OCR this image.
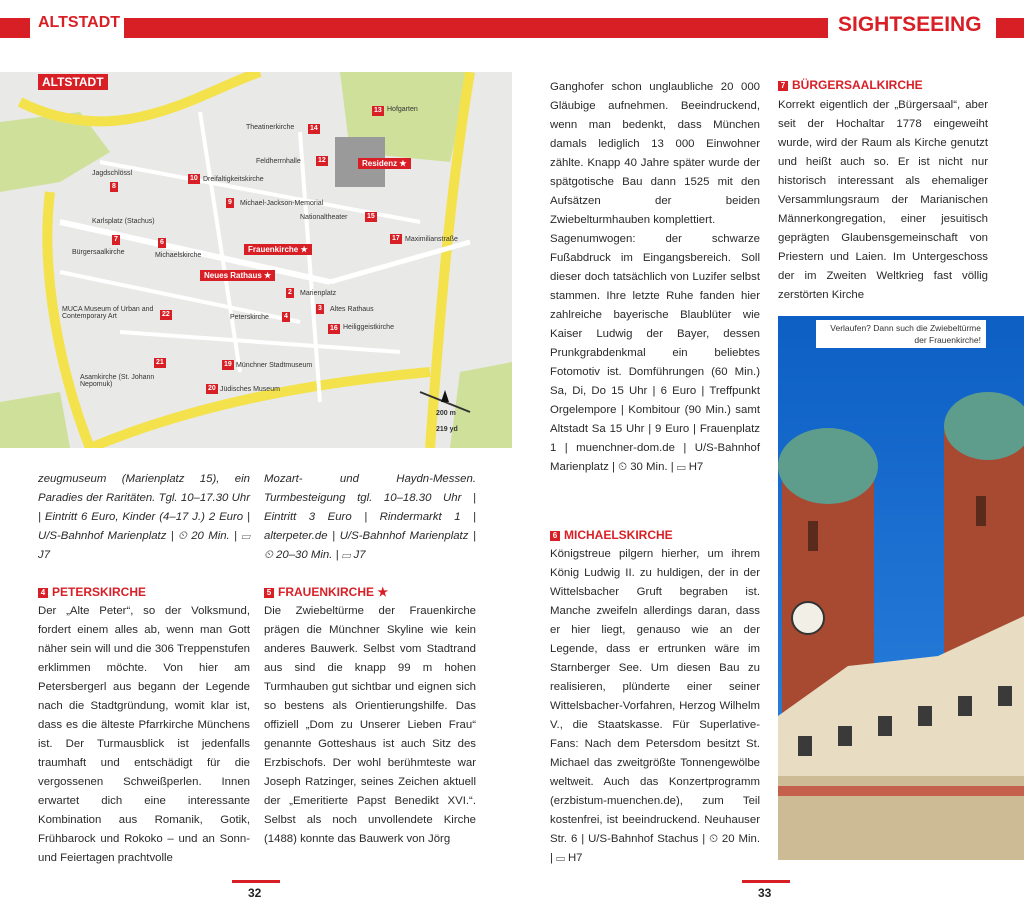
ALTSTADT	SIGHTSEEING
ALTSTADT
14
Theatinerkirche
13 Hofgarten
12
Feldherrnhalle	Residenz ★
10 Dreifaltigkeitskirche
9 Michael-Jackson-Memorial
8
Jagdschlössl
15
Nationaltheater
7
Bürgersaalkirche
6
Michaelskirche
Frauenkirche ★
17 Maximilianstraße
Neues Rathaus ★
2 Marienplatz
3 Altes Rathaus
4
Peterskirche
16 Heiliggeistkirche
22
MUCA Museum of Urban and Contemporary Art
21
Asamkirche (St. Johann Nepomuk)
19 Münchner Stadtmuseum
20 Jüdisches Museum
Karlsplatz (Stachus)
200 m
219 yd

zeugmuseum (Marienplatz 15), ein Paradies der Raritäten. Tgl. 10–17.30 Uhr | Eintritt 6 Euro, Kinder (4–17 J.) 2 Euro | U/S-Bahnhof Marienplatz | ⏲ 20 Min. | ▭ J7

4 PETERSKIRCHE

Der „Alte Peter“, so der Volksmund, fordert einem alles ab, wenn man Gott näher sein will und die 306 Treppenstufen erklimmen möchte. Von hier am Petersbergerl aus begann der Legende nach die Stadtgründung, womit klar ist, dass es die älteste Pfarrkirche Münchens ist. Der Turmausblick ist jedenfalls traumhaft und entschädigt für die vergossenen Schweißperlen. Innen erwartet dich eine interessante Kombination aus Romanik, Gotik, Frühbarock und Rokoko – und an Sonn- und Feiertagen prachtvolle

Mozart- und Haydn-Messen. Turmbesteigung tgl. 10–18.30 Uhr | Eintritt 3 Euro | Rindermarkt 1 | alterpeter.de | U/S-Bahnhof Marienplatz | ⏲ 20–30 Min. | ▭ J7

5 FRAUENKIRCHE ★

Die Zwiebeltürme der Frauenkirche prägen die Münchner Skyline wie kein anderes Bauwerk. Selbst vom Stadtrand aus sind die knapp 99 m hohen Turmhauben gut sichtbar und eignen sich so bestens als Orientierungshilfe. Das offiziell „Dom zu Unserer Lieben Frau“ genannte Gotteshaus ist auch Sitz des Erzbischofs. Der wohl berühmteste war Joseph Ratzinger, seines Zeichen aktuell der „Emeritierte Papst Benedikt XVI.“. Selbst als noch unvollendete Kirche (1488) konnte das Bauwerk von Jörg

Ganghofer schon unglaubliche 20 000 Gläubige aufnehmen. Beeindruckend, wenn man bedenkt, dass München damals lediglich 13 000 Einwohner zählte. Knapp 40 Jahre später wurde der spätgotische Bau dann 1525 mit den Aufsätzen der beiden Zwiebelturmhauben komplettiert.

Sagenumwogen: der schwarze Fußabdruck im Eingangsbereich. Soll dieser doch tatsächlich von Luzifer selbst stammen. Ihre letzte Ruhe fanden hier zahlreiche bayerische Blaublüter wie Kaiser Ludwig der Bayer, dessen Prunkgrabdenkmal ein beliebtes Fotomotiv ist. Domführungen (60 Min.) Sa, Di, Do 15 Uhr | 6 Euro | Treffpunkt Orgelempore | Kombitour (90 Min.) samt Altstadt Sa 15 Uhr | 9 Euro | Frauenplatz 1 | muenchner-dom.de | U/S-Bahnhof Marienplatz | ⏲ 30 Min. | ▭ H7

6 MICHAELSKIRCHE

Königstreue pilgern hierher, um ihrem König Ludwig II. zu huldigen, der in der Wittelsbacher Gruft begraben ist. Manche zweifeln allerdings daran, dass er hier liegt, genauso wie an der Legende, dass er ertrunken wäre im Starnberger See. Um diesen Bau zu realisieren, plünderte einer seiner Wittelsbacher-Vorfahren, Herzog Wilhelm V., die Staatskasse. Für Superlative-Fans: Nach dem Petersdom besitzt St. Michael das zweitgrößte Tonnengewölbe weltweit. Auch das Konzertprogramm (erzbistum-muenchen.de), zum Teil kostenfrei, ist beeindruckend. Neuhauser Str. 6 | U/S-Bahnhof Stachus | ⏲ 20 Min. | ▭ H7

7 BÜRGERSAALKIRCHE

Korrekt eigentlich der „Bürgersaal“, aber seit der Hochaltar 1778 eingeweiht wurde, wird der Raum als Kirche genutzt und heißt auch so. Er ist nicht nur historisch interessant als ehemaliger Versammlungsraum der Marianischen Männerkongregation, einer jesuitisch geprägten Glaubensgemeinschaft von Priestern und Laien. Im Untergeschoss der im Zweiten Weltkrieg fast völlig zerstörten Kirche

Verlaufen? Dann such die Zwiebeltürme der Frauenkirche!
32	33
